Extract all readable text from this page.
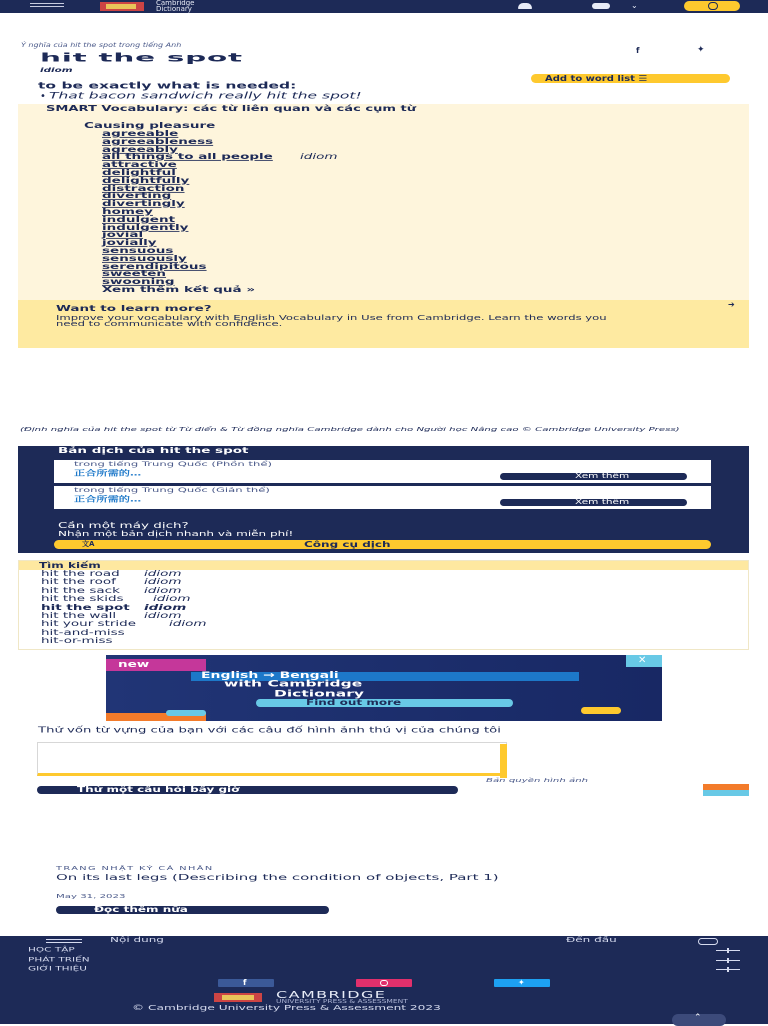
Cambridge
Dictionary	⌄
Ý nghĩa của hit the spot trong tiếng Anh
f	✦
hit the spot
idiom
Add to word list ☰
to be exactly what is needed:
• That bacon sandwich really hit the spot!
SMART Vocabulary: các từ liên quan và các cụm từ
Causing pleasure
agreeable
agreeableness
agreeably
all things to all people	idiom
attractive
delightful
delightfully
distraction
diverting
divertingly
homey
indulgent
indulgently
jovial
jovially
sensuous
sensuously
serendipitous
sweeten
swooning
Xem thêm kết quả »
Want to learn more?
➔
Improve your vocabulary with English Vocabulary in Use from Cambridge. Learn the words you need to communicate with confidence.
(Định nghĩa của hit the spot từ Từ điển & Từ đồng nghĩa Cambridge dành cho Người học Nâng cao © Cambridge University Press)
Bản dịch của hit the spot
trong tiếng Trung Quốc (Phồn thể)
正合所需的…	Xem thêm
trong tiếng Trung Quốc (Giản thể)
正合所需的…	Xem thêm
Cần một máy dịch?
Nhận một bản dịch nhanh và miễn phí!
文A	Công cụ dịch
Tìm kiếm
hit the road	idiom
hit the roof	idiom
hit the sack	idiom
hit the skids	idiom
hit the spot idiom
hit the wall	idiom
hit your stride	idiom
hit-and-miss
hit-or-miss
new	✕
English → Bengali
with Cambridge
Dictionary
Find out more
Thử vốn từ vựng của bạn với các câu đố hình ảnh thú vị của chúng tôi
Bản quyền hình ảnh
Thử một câu hỏi bây giờ
TRANG NHẬT KÝ CÁ NHÂN
On its last legs (Describing the condition of objects, Part 1)
May 31, 2023
Đọc thêm nữa
Nội dung	Đến đầu
HỌC TẬP
PHÁT TRIỂN
GIỚI THIỆU
f	✦
CAMBRIDGE
UNIVERSITY PRESS & ASSESSMENT
© Cambridge University Press & Assessment 2023
⌃
